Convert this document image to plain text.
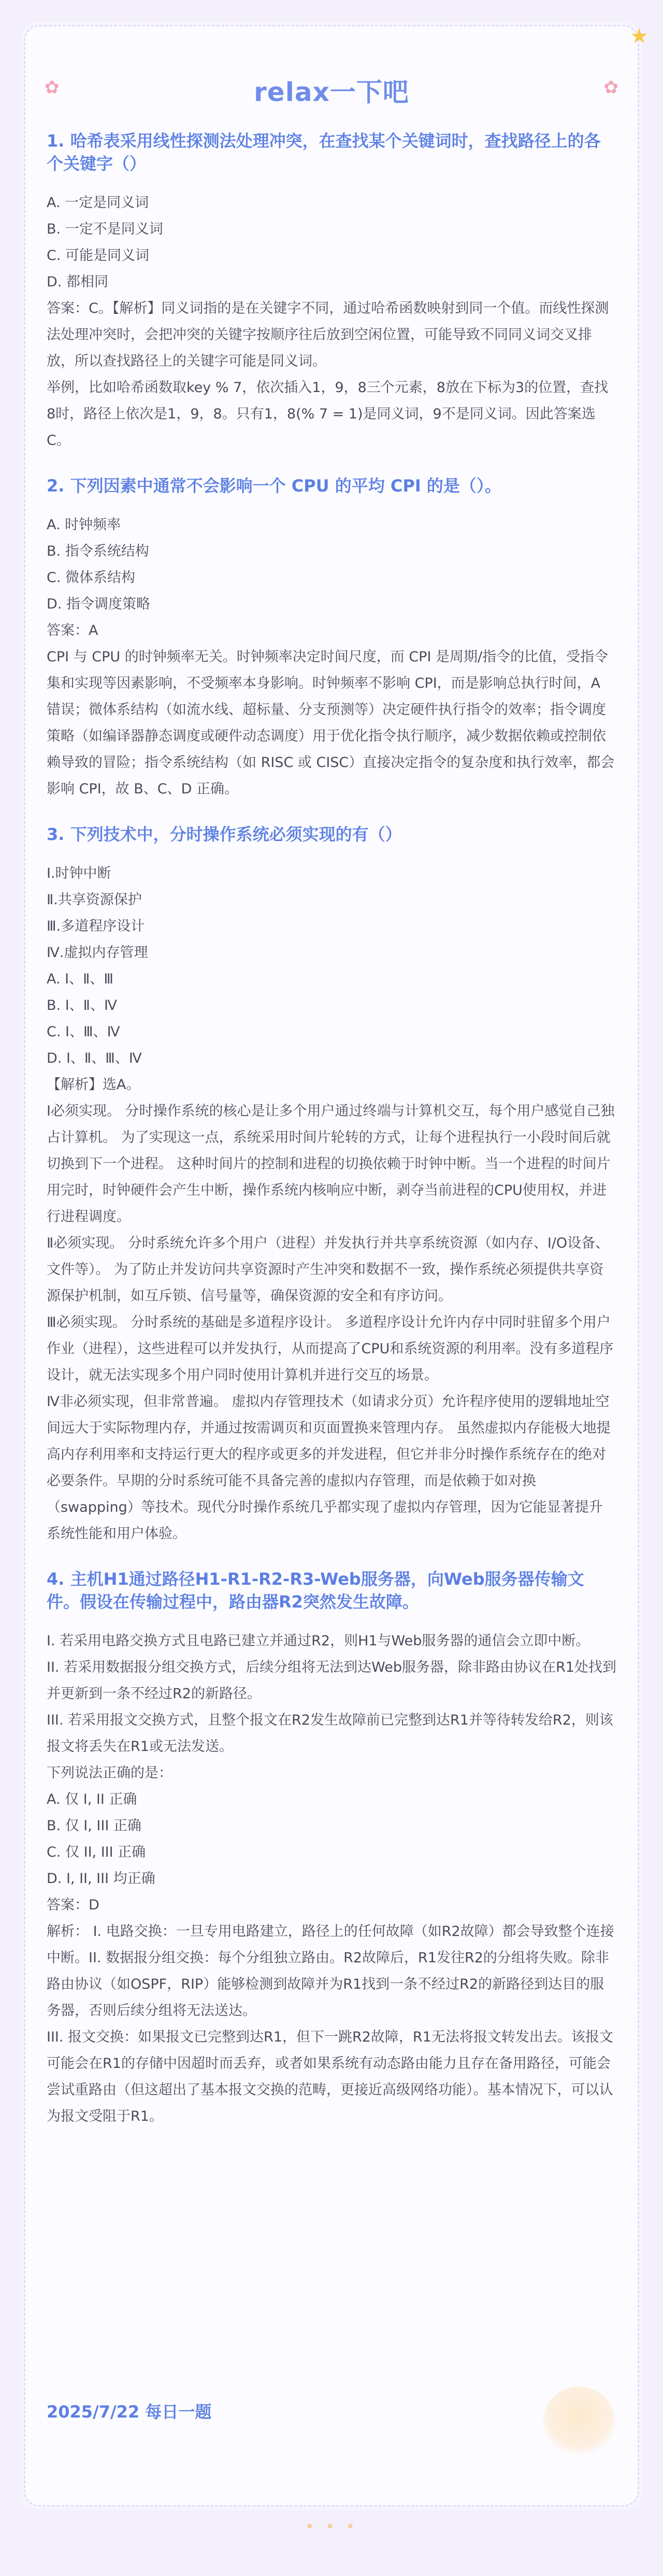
★
✿	✿
relax一下吧
1. 哈希表采用线性探测法处理冲突，在查找某个关键词时，查找路径上的各个关键字（）
A. 一定是同义词
B. 一定不是同义词
C. 可能是同义词
D. 都相同
答案：C。【解析】同义词指的是在关键字不同，通过哈希函数映射到同一个值。而线性探测法处理冲突时，会把冲突的关键字按顺序往后放到空闲位置，可能导致不同同义词交叉排放，所以查找路径上的关键字可能是同义词。
举例，比如哈希函数取key % 7，依次插入1，9，8三个元素，8放在下标为3的位置，查找8时，路径上依次是1，9，8。只有1，8(% 7 = 1)是同义词，9不是同义词。因此答案选C。
2. 下列因素中通常不会影响一个 CPU 的平均 CPI 的是（）。
A. 时钟频率
B. 指令系统结构
C. 微体系结构
D. 指令调度策略
答案：A
CPI 与 CPU 的时钟频率无关。时钟频率决定时间尺度，而 CPI 是周期/指令的比值，受指令集和实现等因素影响，不受频率本身影响。时钟频率不影响 CPI，而是影响总执行时间，A 错误；微体系结构（如流水线、超标量、分支预测等）决定硬件执行指令的效率；指令调度策略（如编译器静态调度或硬件动态调度）用于优化指令执行顺序，减少数据依赖或控制依赖导致的冒险；指令系统结构（如 RISC 或 CISC）直接决定指令的复杂度和执行效率，都会影响 CPI，故 B、C、D 正确。
3. 下列技术中，分时操作系统必须实现的有（）
Ⅰ.时钟中断
Ⅱ.共享资源保护
Ⅲ.多道程序设计
Ⅳ.虚拟内存管理
A. Ⅰ、Ⅱ、Ⅲ
B. Ⅰ、Ⅱ、Ⅳ
C. Ⅰ、Ⅲ、Ⅳ
D. Ⅰ、Ⅱ、Ⅲ、Ⅳ
【解析】选A。
Ⅰ必须实现。 分时操作系统的核心是让多个用户通过终端与计算机交互，每个用户感觉自己独占计算机。 为了实现这一点，系统采用时间片轮转的方式，让每个进程执行一小段时间后就切换到下一个进程。 这种时间片的控制和进程的切换依赖于时钟中断。当一个进程的时间片用完时，时钟硬件会产生中断，操作系统内核响应中断，剥夺当前进程的CPU使用权，并进行进程调度。
Ⅱ必须实现。 分时系统允许多个用户（进程）并发执行并共享系统资源（如内存、I/O设备、文件等）。 为了防止并发访问共享资源时产生冲突和数据不一致，操作系统必须提供共享资源保护机制，如互斥锁、信号量等，确保资源的安全和有序访问。
Ⅲ必须实现。 分时系统的基础是多道程序设计。 多道程序设计允许内存中同时驻留多个用户作业（进程），这些进程可以并发执行，从而提高了CPU和系统资源的利用率。没有多道程序设计，就无法实现多个用户同时使用计算机并进行交互的场景。
Ⅳ非必须实现，但非常普遍。 虚拟内存管理技术（如请求分页）允许程序使用的逻辑地址空间远大于实际物理内存，并通过按需调页和页面置换来管理内存。 虽然虚拟内存能极大地提高内存利用率和支持运行更大的程序或更多的并发进程，但它并非分时操作系统存在的绝对必要条件。早期的分时系统可能不具备完善的虚拟内存管理，而是依赖于如对换（swapping）等技术。现代分时操作系统几乎都实现了虚拟内存管理，因为它能显著提升系统性能和用户体验。
4. 主机H1通过路径H1-R1-R2-R3-Web服务器，向Web服务器传输文件。假设在传输过程中，路由器R2突然发生故障。
I. 若采用电路交换方式且电路已建立并通过R2，则H1与Web服务器的通信会立即中断。
II. 若采用数据报分组交换方式，后续分组将无法到达Web服务器，除非路由协议在R1处找到并更新到一条不经过R2的新路径。
III. 若采用报文交换方式，且整个报文在R2发生故障前已完整到达R1并等待转发给R2，则该报文将丢失在R1或无法发送。
下列说法正确的是：
A. 仅 I, II 正确
B. 仅 I, III 正确
C. 仅 II, III 正确
D. I, II, III 均正确
答案：D
解析： I. 电路交换：一旦专用电路建立，路径上的任何故障（如R2故障）都会导致整个连接中断。II. 数据报分组交换：每个分组独立路由。R2故障后，R1发往R2的分组将失败。除非路由协议（如OSPF，RIP）能够检测到故障并为R1找到一条不经过R2的新路径到达目的服务器，否则后续分组将无法送达。
III. 报文交换：如果报文已完整到达R1，但下一跳R2故障，R1无法将报文转发出去。该报文可能会在R1的存储中因超时而丢弃，或者如果系统有动态路由能力且存在备用路径，可能会尝试重路由（但这超出了基本报文交换的范畴，更接近高级网络功能）。基本情况下，可以认为报文受阻于R1。
2025/7/22 每日一题
• • •
